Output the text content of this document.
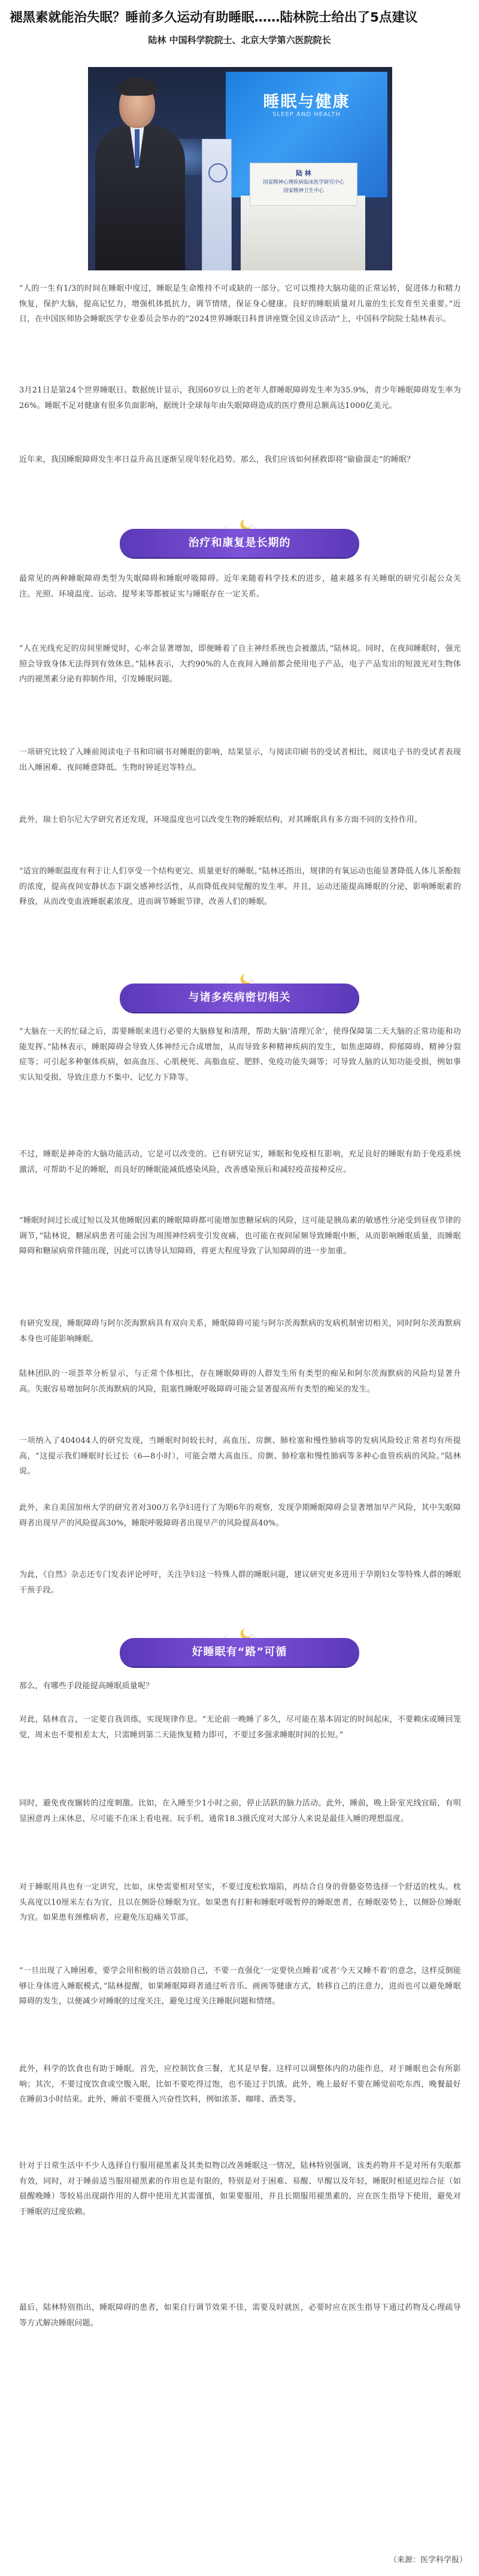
褪黑素就能治失眠？睡前多久运动有助睡眠……陆林院士给出了5点建议
陆林 中国科学院院士、北京大学第六医院院长
睡眠与健康
SLEEP AND HEALTH
陆 林
国家精神心理疾病临床医学研究中心
国家精神卫生中心
“人的一生有1/3的时间在睡眠中度过，睡眠是生命维持不可或缺的一部分。它可以维持大脑功能的正常运转，促进体力和精力恢复，保护大脑，提高记忆力，增强机体抵抗力，调节情绪，保证身心健康。良好的睡眠质量对儿童的生长发育至关重要。”近日，在中国医师协会睡眠医学专业委员会举办的“2024世界睡眠日科普讲座暨全国义诊活动”上，中国科学院院士陆林表示。
3月21日是第24个世界睡眠日。数据统计显示，我国60岁以上的老年人群睡眠障碍发生率为35.9%，青少年睡眠障碍发生率为26%。睡眠不足对健康有很多负面影响，据统计全球每年由失眠障碍造成的医疗费用总额高达1000亿美元。
近年来，我国睡眠障碍发生率日益升高且逐渐呈现年轻化趋势。那么，我们应该如何拯救即将“偷偷溜走”的睡眠？
治疗和康复是长期的
最常见的两种睡眠障碍类型为失眠障碍和睡眠呼吸障碍。近年来随着科学技术的进步，越来越多有关睡眠的研究引起公众关注。光照、环境温度、运动、提琴来等都被证实与睡眠存在一定关系。
“人在光线充足的房间里睡觉时，心率会显著增加，即便睡着了自主神经系统也会被激活，”陆林说。同时，在夜间睡眠时，强光照会导致身体无法得到有效休息。”陆林表示，大约90%的人在夜间入睡前都会使用电子产品，电子产品发出的短波光对生物体内的褪黑素分泌有抑制作用，引发睡眠问题。
一项研究比较了入睡前阅读电子书和印刷书对睡眠的影响，结果显示，与阅读印刷书的受试者相比，阅读电子书的受试者表现出入睡困难、夜间睡意降低、生物时钟延迟等特点。
此外，瑞士伯尔尼大学研究者还发现，环境温度也可以改变生物的睡眠结构，对其睡眠具有多方面不同的支持作用。
“适宜的睡眠温度有利于让人们享受一个结构更完、质量更好的睡眠。”陆林还指出，规律的有氧运动也能显著降低人体儿茶酚胺的浓度，提高夜间安静状态下副交感神经活性，从而降低夜间觉醒的发生率。并且，运动还能提高睡眠的分泌，影响睡眠素的释放，从而改变血液睡眠素浓度，进而调节睡眠节律，改善人们的睡眠。
与诸多疾病密切相关
“大脑在一天的忙碌之后，需要睡眠来进行必要的大脑修复和清理，帮助大脑‘清理冗余’，使得保障第二天大脑的正常功能和功能发挥。”陆林表示，睡眠障碍会导致人体神经元合成增加，从而导致多种精神疾病的发生，如焦虑障碍、抑郁障碍、精神分裂症等；可引起多种躯体疾病，如高血压、心肌梗死、高脂血症、肥胖、免疫功能失调等；可导致人脑的认知功能受损，例如事实认知受损、导致注意力不集中、记忆力下降等。
不过，睡眠是神奇的大脑功能活动，它是可以改变的。已有研究证实，睡眠和免疫相互影响，充足良好的睡眠有助于免疫系统激活，可帮助不足的睡眠，而良好的睡眠能减低感染风险，改善感染预后和减轻疫苗接种反应。
“睡眠时间过长或过短以及其他睡眠因素的睡眠障碍都可能增加患糖尿病的风险，这可能是胰岛素的敏感性分泌受到昼夜节律的调节，”陆林说，糖尿病患者可能会因为周围神经病变引发夜痛，也可能在夜间尿频导致睡眠中断，从而影响睡眠质量，而睡眠障碍和糖尿病常伴随出现，因此可以诱导认知障碍，将更大程度导致了认知障碍的进一步加重。
有研究发现，睡眠障碍与阿尔茨海默病具有双向关系，睡眠障碍可能与阿尔茨海默病的发病机制密切相关，同时阿尔茨海默病本身也可能影响睡眠。
陆林团队的一项荟萃分析显示，与正常个体相比，存在睡眠障碍的人群发生所有类型的痴呆和阿尔茨海默病的风险均显著升高。失眠容易增加阿尔茨海默病的风险，阻塞性睡眠呼吸障碍可能会显著提高所有类型的痴呆的发生。
一项纳入了404044人的研究发现，当睡眠时间较长时，高血压、房颤、肺栓塞和慢性肺病等的发病风险较正常者均有所提高，“这提示我们睡眠时长过长（6—8小时），可能会增大高血压、房颤、肺栓塞和慢性肺病等多种心血管疾病的风险。”陆林说。
此外，来自美国加州大学的研究者对300万名孕妇进行了为期6年的观察，发现孕期睡眠障碍会显著增加早产风险，其中失眠障碍者出现早产的风险提高30%，睡眠呼吸障碍者出现早产的风险提高40%。
为此，《自然》杂志还专门发表评论呼吁，关注孕妇这一特殊人群的睡眠问题，建议研究更多进用于孕期妇女等特殊人群的睡眠干预手段。
好睡眠有“路”可循
那么，有哪些手段能提高睡眠质量呢？
对此，陆林直言，一定要自我训练，实现规律作息。“无论前一晚睡了多久，尽可能在基本固定的时间起床，不要赖床或睡回笼觉，周末也不要相差太大，只需睡到第二天能恢复精力即可，不要过多强求睡眠时间的长短。”
同时，避免夜夜辗转的过度刺激。比如，在入睡至少1小时之前，停止活跃的脑力活动。此外，睡前，晚上卧室光线宜暗，有明显困意再上床休息，尽可能不在床上看电视、玩手机，通常18.3摄氏度对大部分人来说是最佳入睡的理想温度。
对于睡眠用具也有一定讲究，比如，床垫需要相对坚实，不要过度松软塌陷，再结合自身的骨骼姿势选择一个舒适的枕头。枕头高度以10厘米左右为宜，且以在侧卧位睡眠为宜。如果患有打鼾和睡眠呼吸暂停的睡眠患者，在睡眠姿势上，以侧卧位睡眠为宜。如果患有颈椎病者，应避免压迫痛关节部。
“一旦出现了入睡困难，要学会用积极的语言鼓励自己，不要一直强化‘一定要快点睡着’或者‘今天又睡不着’的意念，这样反倒能够让身体进入睡眠模式，”陆林提醒，如果睡眠障碍者通过听音乐、画画等健康方式，转移自己的注意力，进而也可以避免睡眠障碍的发生，以便减少对睡眠的过度关注，避免过度关注睡眠问题和情绪。
此外，科学的饮食也有助于睡眠。首先，应控制饮食三餐，尤其是早餐。这样可以调整体内的功能作息，对于睡眠也会有所影响；其次，不要过度饮食或空腹入眠，比如不要吃得过饱，也不能过于饥饿。此外，晚上最好不要在睡觉前吃东西，晚餐最好在睡前3小时结束。此外，睡前不要摄入兴奋性饮料，例如浓茶、咖啡、酒类等。
针对于日常生活中不少人选择自行服用褪黑素及其类似物以改善睡眠这一情况，陆林特别强调，该类药物并不是对所有失眠都有效，同时，对于睡前适当服用褪黑素的作用也是有限的，特别是对于困难、易醒、早醒以及年轻，睡眠时相延迟综合征（如晨醒晚睡）等较易出现副作用的人群中使用尤其需谨慎，如果要服用，并且长期服用褪黑素的，应在医生指导下使用，避免对于睡眠的过度依赖。
最后，陆林特别指出，睡眠障碍的患者，如果自行调节效果不佳，需要及时就医，必要时应在医生指导下通过药物及心理疏导等方式解决睡眠问题。
（来源：医学科学报）
